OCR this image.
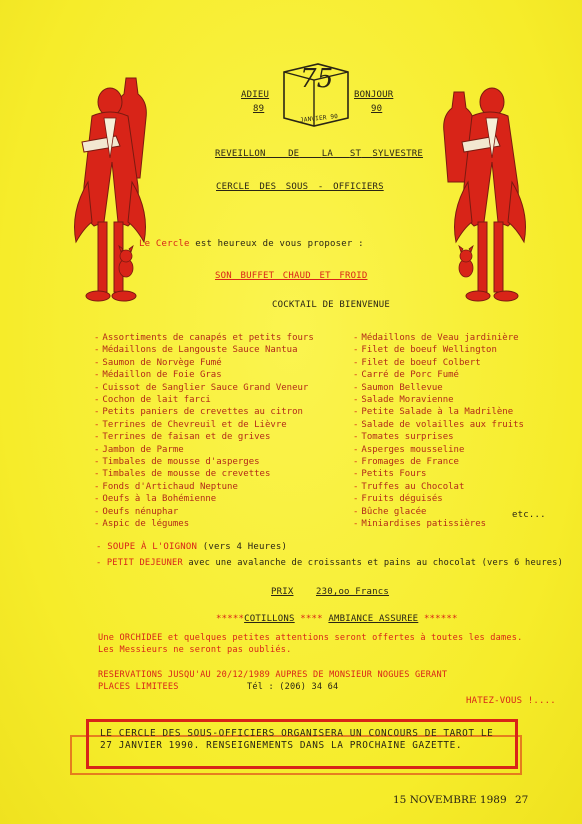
ADIEU
89
75
JANVIER 90
BONJOUR
90
REVEILLON DE LA ST SYLVESTRE
CERCLE DES SOUS - OFFICIERS
Le Cercle est heureux de vous proposer :
SON BUFFET CHAUD ET FROID
COCKTAIL DE BIENVENUE
- Assortiments de canapés et petits fours
- Médaillons de Langouste Sauce Nantua
- Saumon de Norvège Fumé
- Médaillon de Foie Gras
- Cuissot de Sanglier Sauce Grand Veneur
- Cochon de lait farci
- Petits paniers de crevettes au citron
- Terrines de Chevreuil et de Lièvre
- Terrines de faisan et de grives
- Jambon de Parme
- Timbales de mousse d'asperges
- Timbales de mousse de crevettes
- Fonds d'Artichaud Neptune
- Oeufs à la Bohémienne
- Oeufs nénuphar
- Aspic de légumes
- Médaillons de Veau jardinière
- Filet de boeuf Wellington
- Filet de boeuf Colbert
- Carré de Porc Fumé
- Saumon Bellevue
- Salade Moravienne
- Petite Salade à la Madrilène
- Salade de volailles aux fruits
- Tomates surprises
- Asperges mousseline
- Fromages de France
- Petits Fours
- Truffes au Chocolat
- Fruits déguisés
- Bûche glacée
- Miniardises patissières
etc...
- SOUPE À L'OIGNON (vers 4 Heures)
- PETIT DEJEUNER avec une avalanche de croissants et pains au chocolat (vers 6 heures)
PRIX 230,oo Francs
*****COTILLONS **** AMBIANCE ASSUREE ******
Une ORCHIDEE et quelques petites attentions seront offertes à toutes les dames.
Les Messieurs ne seront pas oubliés.
RESERVATIONS JUSQU'AU 20/12/1989 AUPRES DE MONSIEUR NOGUES GERANT
PLACES LIMITEES	Tél : (206) 34 64
HATEZ-VOUS !....
LE CERCLE DES SOUS-OFFICIERS ORGANISERA UN CONCOURS DE TAROT LE 27 JANVIER 1990. RENSEIGNEMENTS DANS LA PROCHAINE GAZETTE.
15 NOVEMBRE 1989 27
